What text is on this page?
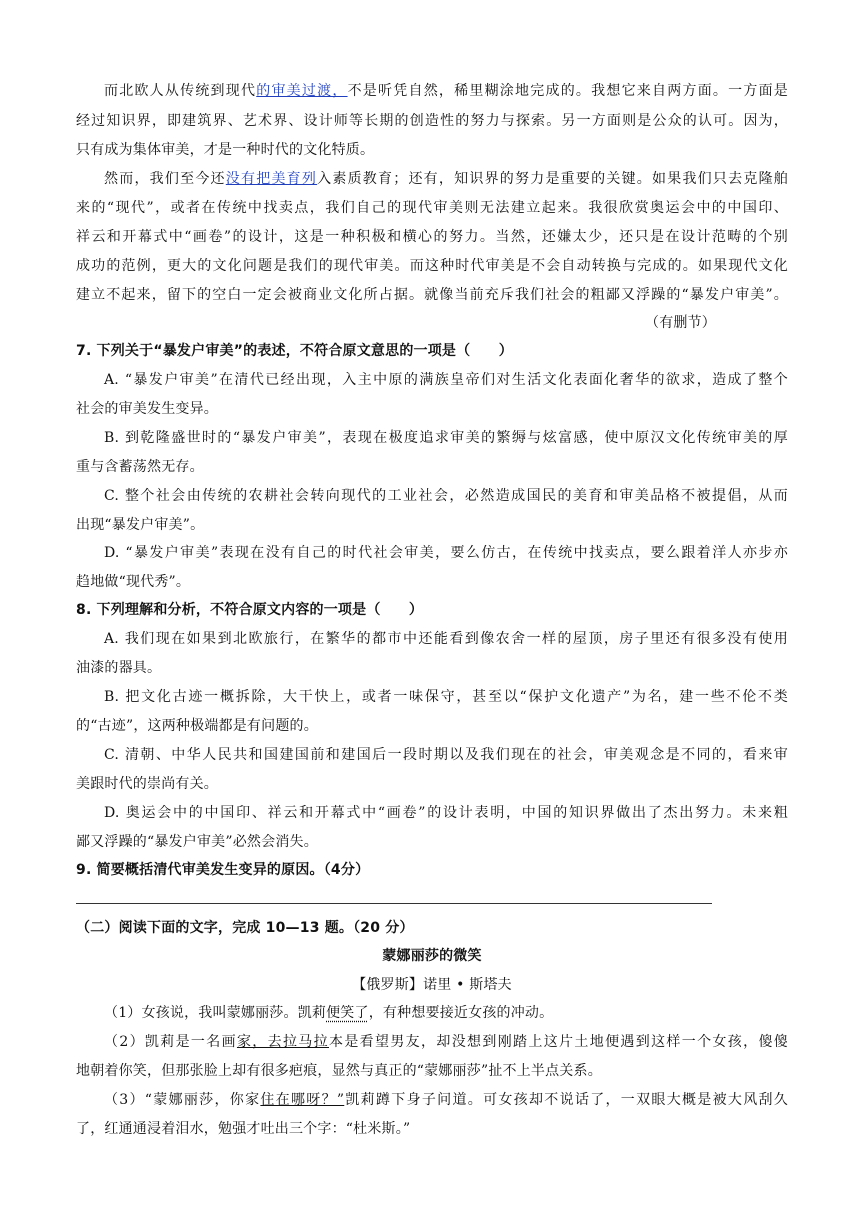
而北欧人从传统到现代的审美过渡，不是听凭自然，稀里糊涂地完成的。我想它来自两方面。一方面是
经过知识界，即建筑界、艺术界、设计师等长期的创造性的努力与探索。另一方面则是公众的认可。因为，
只有成为集体审美，才是一种时代的文化特质。
然而，我们至今还没有把美育列入素质教育；还有，知识界的努力是重要的关键。如果我们只去克隆舶
来的“现代”，或者在传统中找卖点，我们自己的现代审美则无法建立起来。我很欣赏奥运会中的中国印、
祥云和开幕式中“画卷”的设计，这是一种积极和横心的努力。当然，还嫌太少，还只是在设计范畴的个别
成功的范例，更大的文化问题是我们的现代审美。而这种时代审美是不会自动转换与完成的。如果现代文化
建立不起来，留下的空白一定会被商业文化所占据。就像当前充斥我们社会的粗鄙又浮躁的“暴发户审美”。
（有删节）
7. 下列关于“暴发户审美”的表述，不符合原文意思的一项是（　　）
A. “暴发户审美”在清代已经出现，入主中原的满族皇帝们对生活文化表面化奢华的欲求，造成了整个
社会的审美发生变异。
B. 到乾隆盛世时的“暴发户审美”，表现在极度追求审美的繁缛与炫富感，使中原汉文化传统审美的厚
重与含蓄荡然无存。
C. 整个社会由传统的农耕社会转向现代的工业社会，必然造成国民的美育和审美品格不被提倡，从而
出现“暴发户审美”。
D. “暴发户审美”表现在没有自己的时代社会审美，要么仿古，在传统中找卖点，要么跟着洋人亦步亦
趋地做“现代秀”。
8. 下列理解和分析，不符合原文内容的一项是（　　）
A. 我们现在如果到北欧旅行，在繁华的都市中还能看到像农舍一样的屋顶，房子里还有很多没有使用
油漆的器具。
B. 把文化古迹一概拆除，大干快上，或者一味保守，甚至以“保护文化遗产”为名，建一些不伦不类
的“古迹”，这两种极端都是有问题的。
C. 清朝、中华人民共和国建国前和建国后一段时期以及我们现在的社会，审美观念是不同的，看来审
美跟时代的崇尚有关。
D. 奥运会中的中国印、祥云和开幕式中“画卷”的设计表明，中国的知识界做出了杰出努力。未来粗
鄙又浮躁的“暴发户审美”必然会消失。
9. 简要概括清代审美发生变异的原因。（4分）
（二）阅读下面的文字，完成 10—13 题。（20 分）
蒙娜丽莎的微笑
【俄罗斯】诺里 • 斯塔夫
（1）女孩说，我叫蒙娜丽莎。凯莉便笑了，有种想要接近女孩的冲动。
（2）凯莉是一名画家，去拉马拉本是看望男友，却没想到刚踏上这片土地便遇到这样一个女孩，傻傻
地朝着你笑，但那张脸上却有很多疤痕，显然与真正的“蒙娜丽莎”扯不上半点关系。
（3）“蒙娜丽莎，你家住在哪呀？”凯莉蹲下身子问道。可女孩却不说话了，一双眼大概是被大风刮久
了，红通通浸着泪水，勉强才吐出三个字：“杜米斯。”
